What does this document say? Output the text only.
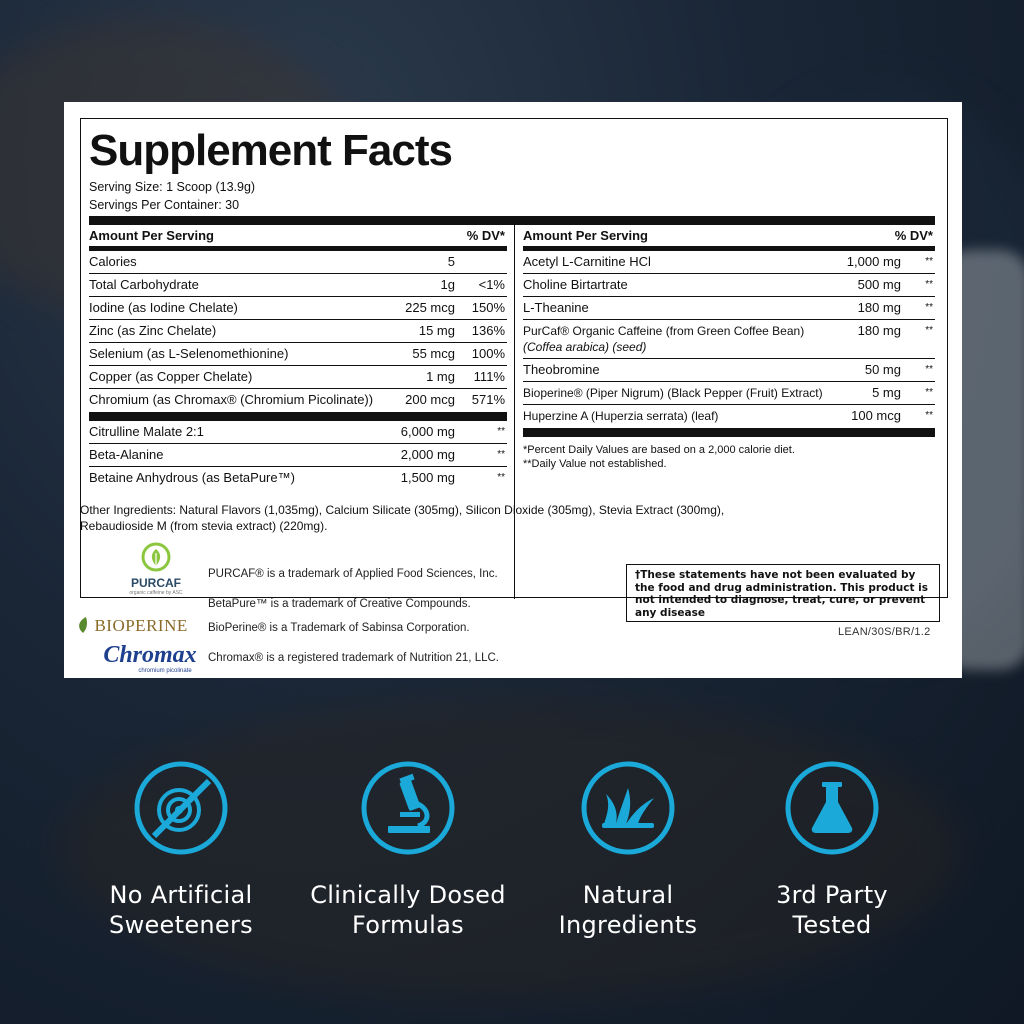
Supplement Facts
Serving Size: 1 Scoop (13.9g)
Servings Per Container: 30
Amount Per Serving	% DV*
Calories	5
Total Carbohydrate	1g <1%
Iodine (as Iodine Chelate)	225 mcg 150%
Zinc (as Zinc Chelate)	15 mg 136%
Selenium (as L-Selenomethionine)	55 mcg 100%
Copper (as Copper Chelate)	1 mg 111%
Chromium (as Chromax® (Chromium Picolinate)) 200 mcg 571%
Citrulline Malate 2:1	6,000 mg	**
Beta-Alanine	2,000 mg	**
Betaine Anhydrous (as BetaPure™)	1,500 mg	**
Amount Per Serving	% DV*
Acetyl L-Carnitine HCl	1,000 mg **
Choline Birtartrate	500 mg **
L-Theanine	180 mg **
PurCaf® Organic Caffeine (from Green Coffee Bean)
(Coffea arabica) (seed)
180 mg **
Theobromine	50 mg **
Bioperine® (Piper Nigrum) (Black Pepper (Fruit) Extract)	5 mg **
Huperzine A (Huperzia serrata) (leaf)	100 mcg **
*Percent Daily Values are based on a 2,000 calorie diet.
**Daily Value not established.
Other Ingredients: Natural Flavors (1,035mg), Calcium Silicate (305mg), Silicon Dioxide (305mg), Stevia Extract (300mg), Rebaudioside M (from stevia extract) (220mg).
PURCAF
organic caffeine by ASC
PURCAF® is a trademark of Applied Food Sciences, Inc.
BetaPure™ is a trademark of Creative Compounds.
BIOPERINE BioPerine® is a Trademark of Sabinsa Corporation.
Chromax
chromium picolinate
Chromax® is a registered trademark of Nutrition 21, LLC.
†These statements have not been evaluated by the food and drug administration. This product is not intended to diagnose, treat, cure, or prevent any disease
LEAN/30S/BR/1.2
No Artificial
Sweeteners
Clinically Dosed
Formulas
Natural
Ingredients
3rd Party
Tested
